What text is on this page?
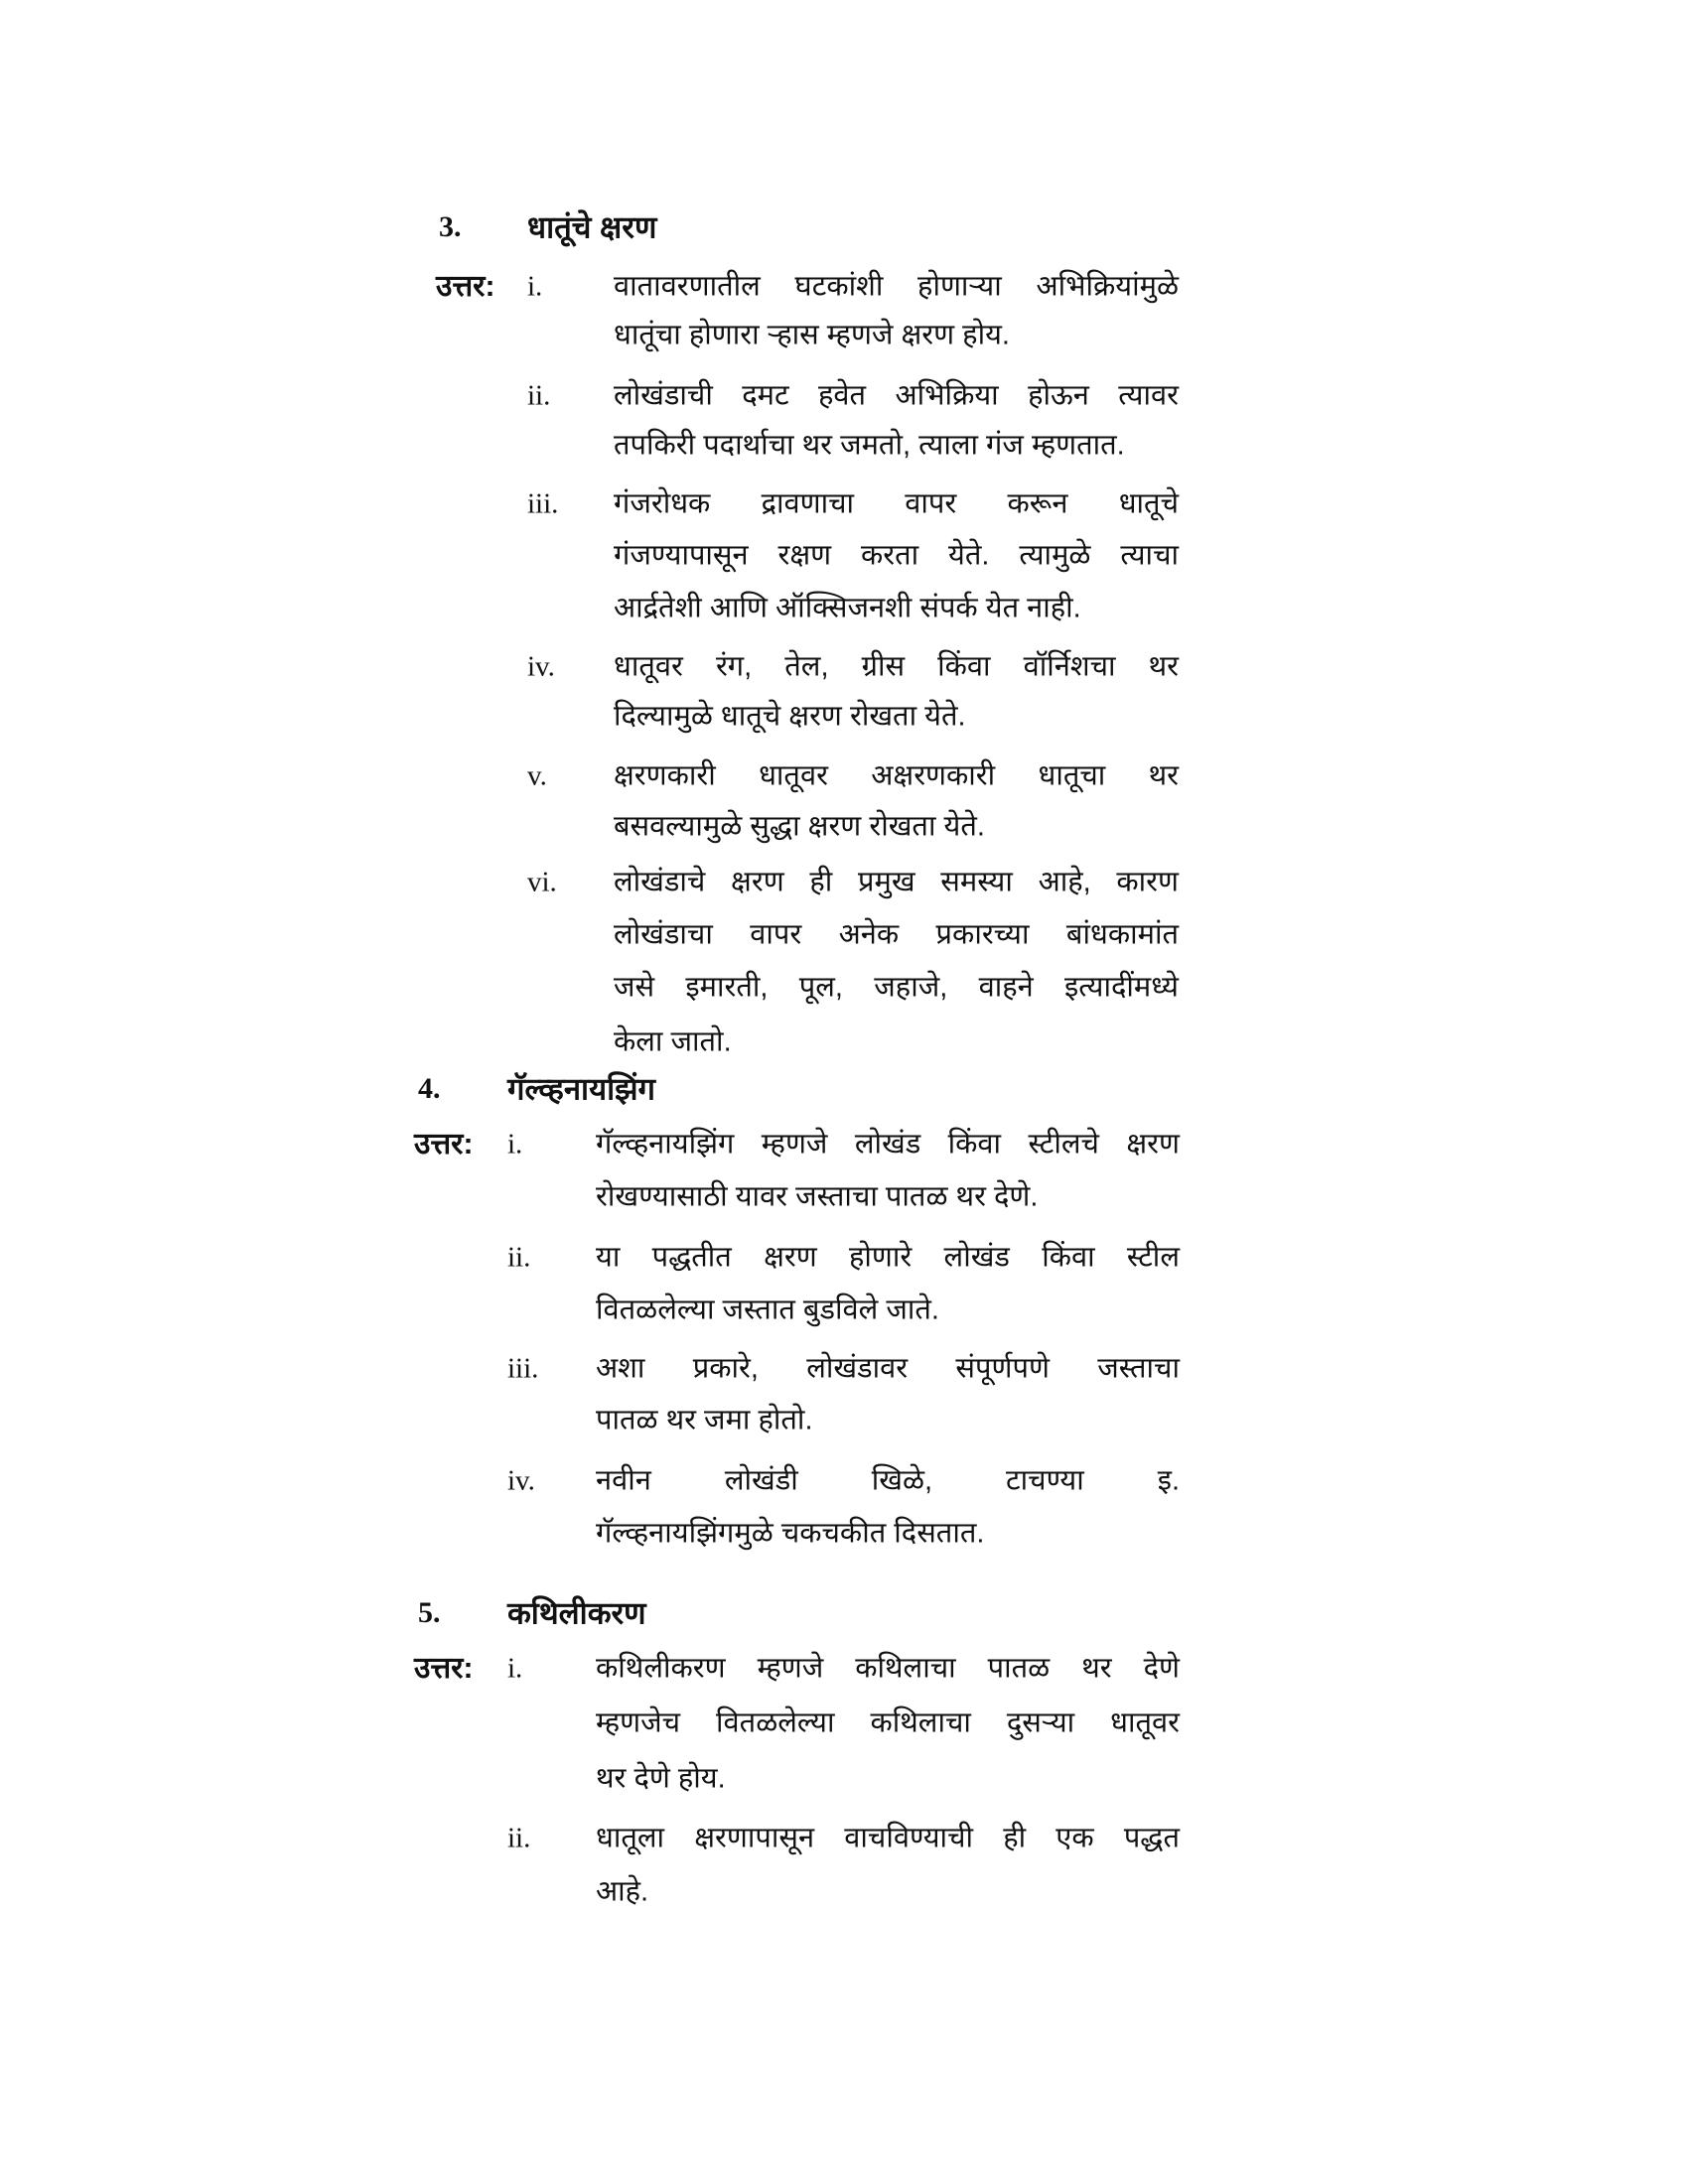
3. धातूंचे क्षरण
उत्तर: i. वातावरणातील घटकांशी होणाऱ्या अभिक्रियांमुळे
धातूंचा होणारा ऱ्हास म्हणजे क्षरण होय.
ii. लोखंडाची दमट हवेत अभिक्रिया होऊन त्यावर
तपकिरी पदार्थाचा थर जमतो, त्याला गंज म्हणतात.
iii. गंजरोधक द्रावणाचा वापर करून धातूचे
गंजण्यापासून रक्षण करता येते. त्यामुळे त्याचा
आर्द्रतेशी आणि ऑक्सिजनशी संपर्क येत नाही.
iv. धातूवर रंग, तेल, ग्रीस किंवा वॉर्निशचा थर
दिल्यामुळे धातूचे क्षरण रोखता येते.
v. क्षरणकारी धातूवर अक्षरणकारी धातूचा थर
बसवल्यामुळे सुद्धा क्षरण रोखता येते.
vi. लोखंडाचे क्षरण ही प्रमुख समस्या आहे, कारण
लोखंडाचा वापर अनेक प्रकारच्या बांधकामांत
जसे इमारती, पूल, जहाजे, वाहने इत्यादींमध्ये
केला जातो.
4. गॅल्व्हनायझिंग
उत्तर: i.	गॅल्व्हनायझिंग म्हणजे लोखंड किंवा स्टीलचे क्षरण
रोखण्यासाठी यावर जस्ताचा पातळ थर देणे.
ii. या पद्धतीत क्षरण होणारे लोखंड किंवा स्टील
वितळलेल्या जस्तात बुडविले जाते.
iii. अशा प्रकारे, लोखंडावर संपूर्णपणे जस्ताचा
पातळ थर जमा होतो.
iv. नवीन लोखंडी खिळे, टाचण्या इ.
गॅल्व्हनायझिंगमुळे चकचकीत दिसतात.
5. कथिलीकरण
उत्तर: i.	कथिलीकरण म्हणजे कथिलाचा पातळ थर देणे
म्हणजेच वितळलेल्या कथिलाचा दुसऱ्या धातूवर
थर देणे होय.
ii. धातूला क्षरणापासून वाचविण्याची ही एक पद्धत
आहे.
